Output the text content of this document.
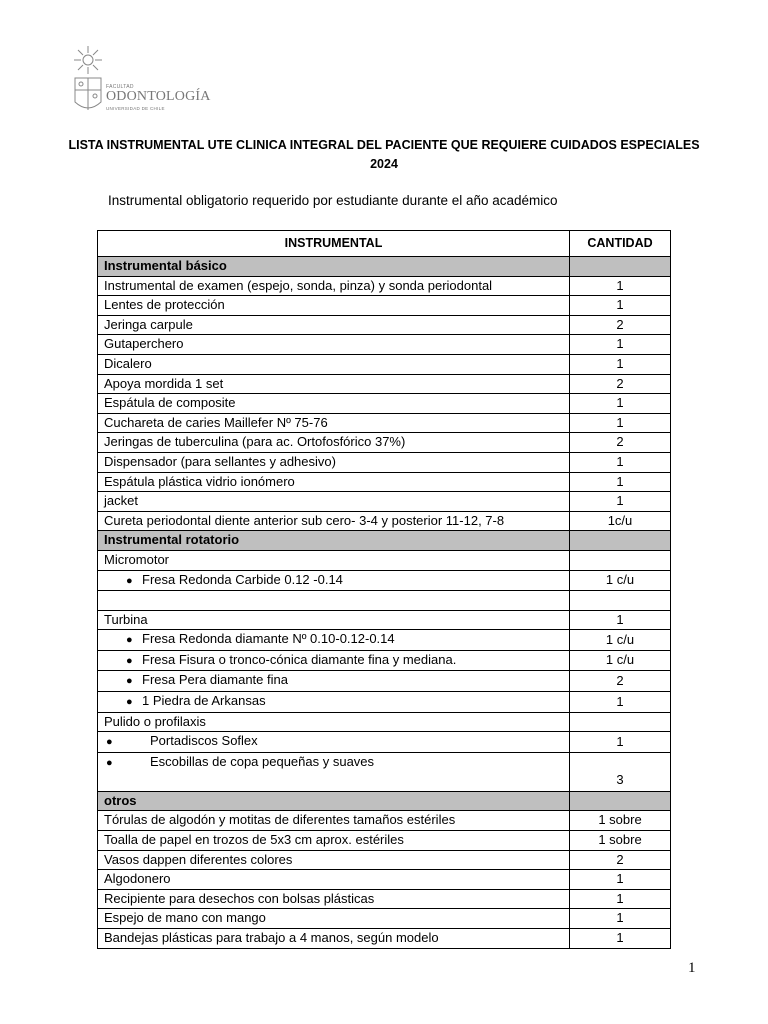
FACULTAD
ODONTOLOGÍA
UNIVERSIDAD DE CHILE
LISTA INSTRUMENTAL UTE CLINICA INTEGRAL DEL PACIENTE QUE REQUIERE CUIDADOS ESPECIALES
2024
Instrumental obligatorio requerido por estudiante durante el año académico
INSTRUMENTAL	CANTIDAD
Instrumental básico	
Instrumental de examen (espejo, sonda, pinza) y sonda periodontal	1
Lentes de protección	1
Jeringa carpule	2
Gutaperchero	1
Dicalero	1
Apoya mordida 1 set	2
Espátula de composite	1
Cuchareta de caries Maillefer Nº 75-76	1
Jeringas de tuberculina (para ac. Ortofosfórico 37%)	2
Dispensador (para sellantes y adhesivo)	1
Espátula plástica vidrio ionómero	1
jacket	1
Cureta periodontal diente anterior sub cero- 3-4 y posterior 11-12, 7-8	1c/u
Instrumental rotatorio	
Micromotor	
● Fresa Redonda Carbide 0.12 -0.14	1 c/u

Turbina	1
● Fresa Redonda diamante Nº 0.10-0.12-0.14	1 c/u
● Fresa Fisura o tronco-cónica diamante fina y mediana.	1 c/u
● Fresa Pera diamante fina	2
● 1 Piedra de Arkansas	1
Pulido o profilaxis	
● Portadiscos Soflex	1
● Escobillas de copa pequeñas y suaves	3
otros	
Tórulas de algodón y motitas de diferentes tamaños estériles	1 sobre
Toalla de papel en trozos de 5x3 cm aprox. estériles	1 sobre
Vasos dappen diferentes colores	2
Algodonero	1
Recipiente para desechos con bolsas plásticas	1
Espejo de mano con mango	1
Bandejas plásticas para trabajo a 4 manos, según modelo	1
1
